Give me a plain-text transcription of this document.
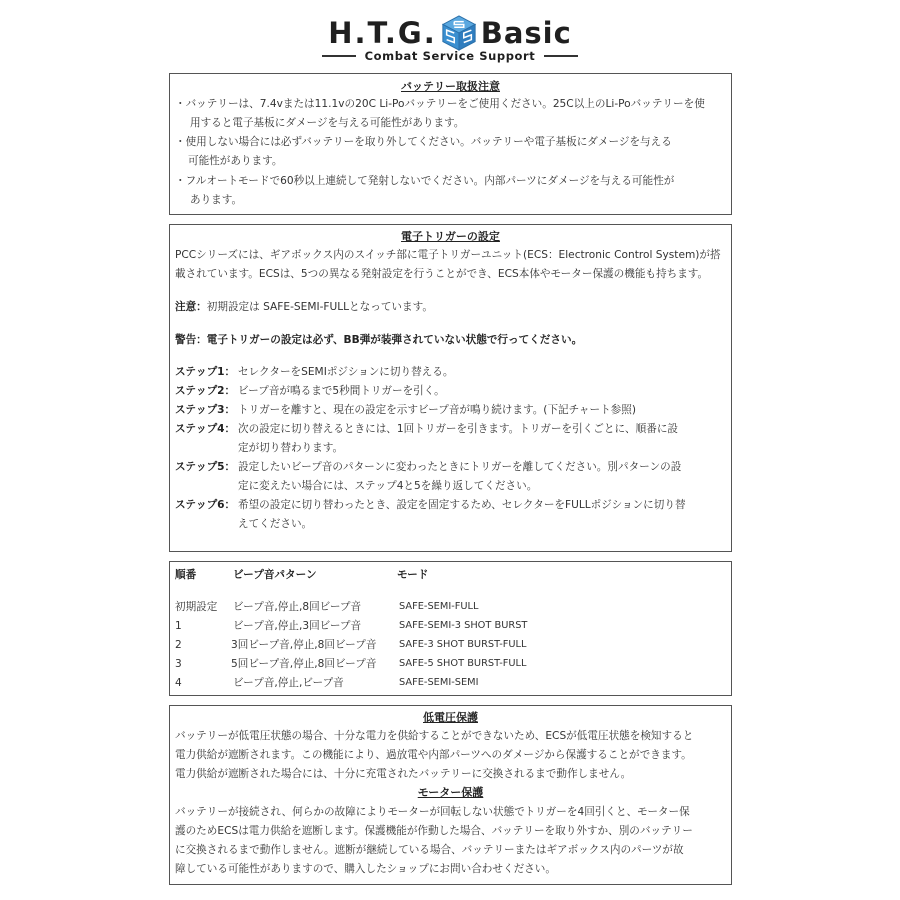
H.T.G. Basic
Combat Service Support
バッテリー取扱注意
・バッテリーは、7.4vまたは11.1vの20C Li-Poバッテリーをご使用ください。25C以上のLi-Poバッテリーを使
用すると電子基板にダメージを与える可能性があります。
・使用しない場合には必ずバッテリーを取り外してください。バッテリーや電子基板にダメージを与える
可能性があります。
・フルオートモードで60秒以上連続して発射しないでください。内部パーツにダメージを与える可能性が
あります。
電子トリガーの設定
PCCシリーズには、ギアボックス内のスイッチ部に電子トリガーユニット(ECS：Electronic Control System)が搭
載されています。ECSは、5つの異なる発射設定を行うことができ、ECS本体やモーター保護の機能も持ちます。
注意：初期設定は SAFE-SEMI-FULLとなっています。
警告：電子トリガーの設定は必ず、BB弾が装弾されていない状態で行ってください。
ステップ1： セレクターをSEMIポジションに切り替える。
ステップ2： ビープ音が鳴るまで5秒間トリガーを引く。
ステップ3： トリガーを離すと、現在の設定を示すビープ音が鳴り続けます。(下記チャート参照)
ステップ4： 次の設定に切り替えるときには、1回トリガーを引きます。トリガーを引くごとに、順番に設
定が切り替わります。
ステップ5： 設定したいビープ音のパターンに変わったときにトリガーを離してください。別パターンの設
定に変えたい場合には、ステップ4と5を繰り返してください。
ステップ6： 希望の設定に切り替わったとき、設定を固定するため、セレクターをFULLポジションに切り替
えてください。
順番	ビープ音パターン	モード
初期設定 ビープ音,停止,8回ビープ音	SAFE-SEMI-FULL
1	ビープ音,停止,3回ビープ音	SAFE-SEMI-3 SHOT BURST
2	3回ビープ音,停止,8回ビープ音 SAFE-3 SHOT BURST-FULL
3	5回ビープ音,停止,8回ビープ音 SAFE-5 SHOT BURST-FULL
4	ビープ音,停止,ビープ音	SAFE-SEMI-SEMI
低電圧保護
バッテリーが低電圧状態の場合、十分な電力を供給することができないため、ECSが低電圧状態を検知すると
電力供給が遮断されます。この機能により、過放電や内部パーツへのダメージから保護することができます。
電力供給が遮断された場合には、十分に充電されたバッテリーに交換されるまで動作しません。
モーター保護
バッテリーが接続され、何らかの故障によりモーターが回転しない状態でトリガーを4回引くと、モーター保
護のためECSは電力供給を遮断します。保護機能が作動した場合、バッテリーを取り外すか、別のバッテリー
に交換されるまで動作しません。遮断が継続している場合、バッテリーまたはギアボックス内のパーツが故
障している可能性がありますので、購入したショップにお問い合わせください。
